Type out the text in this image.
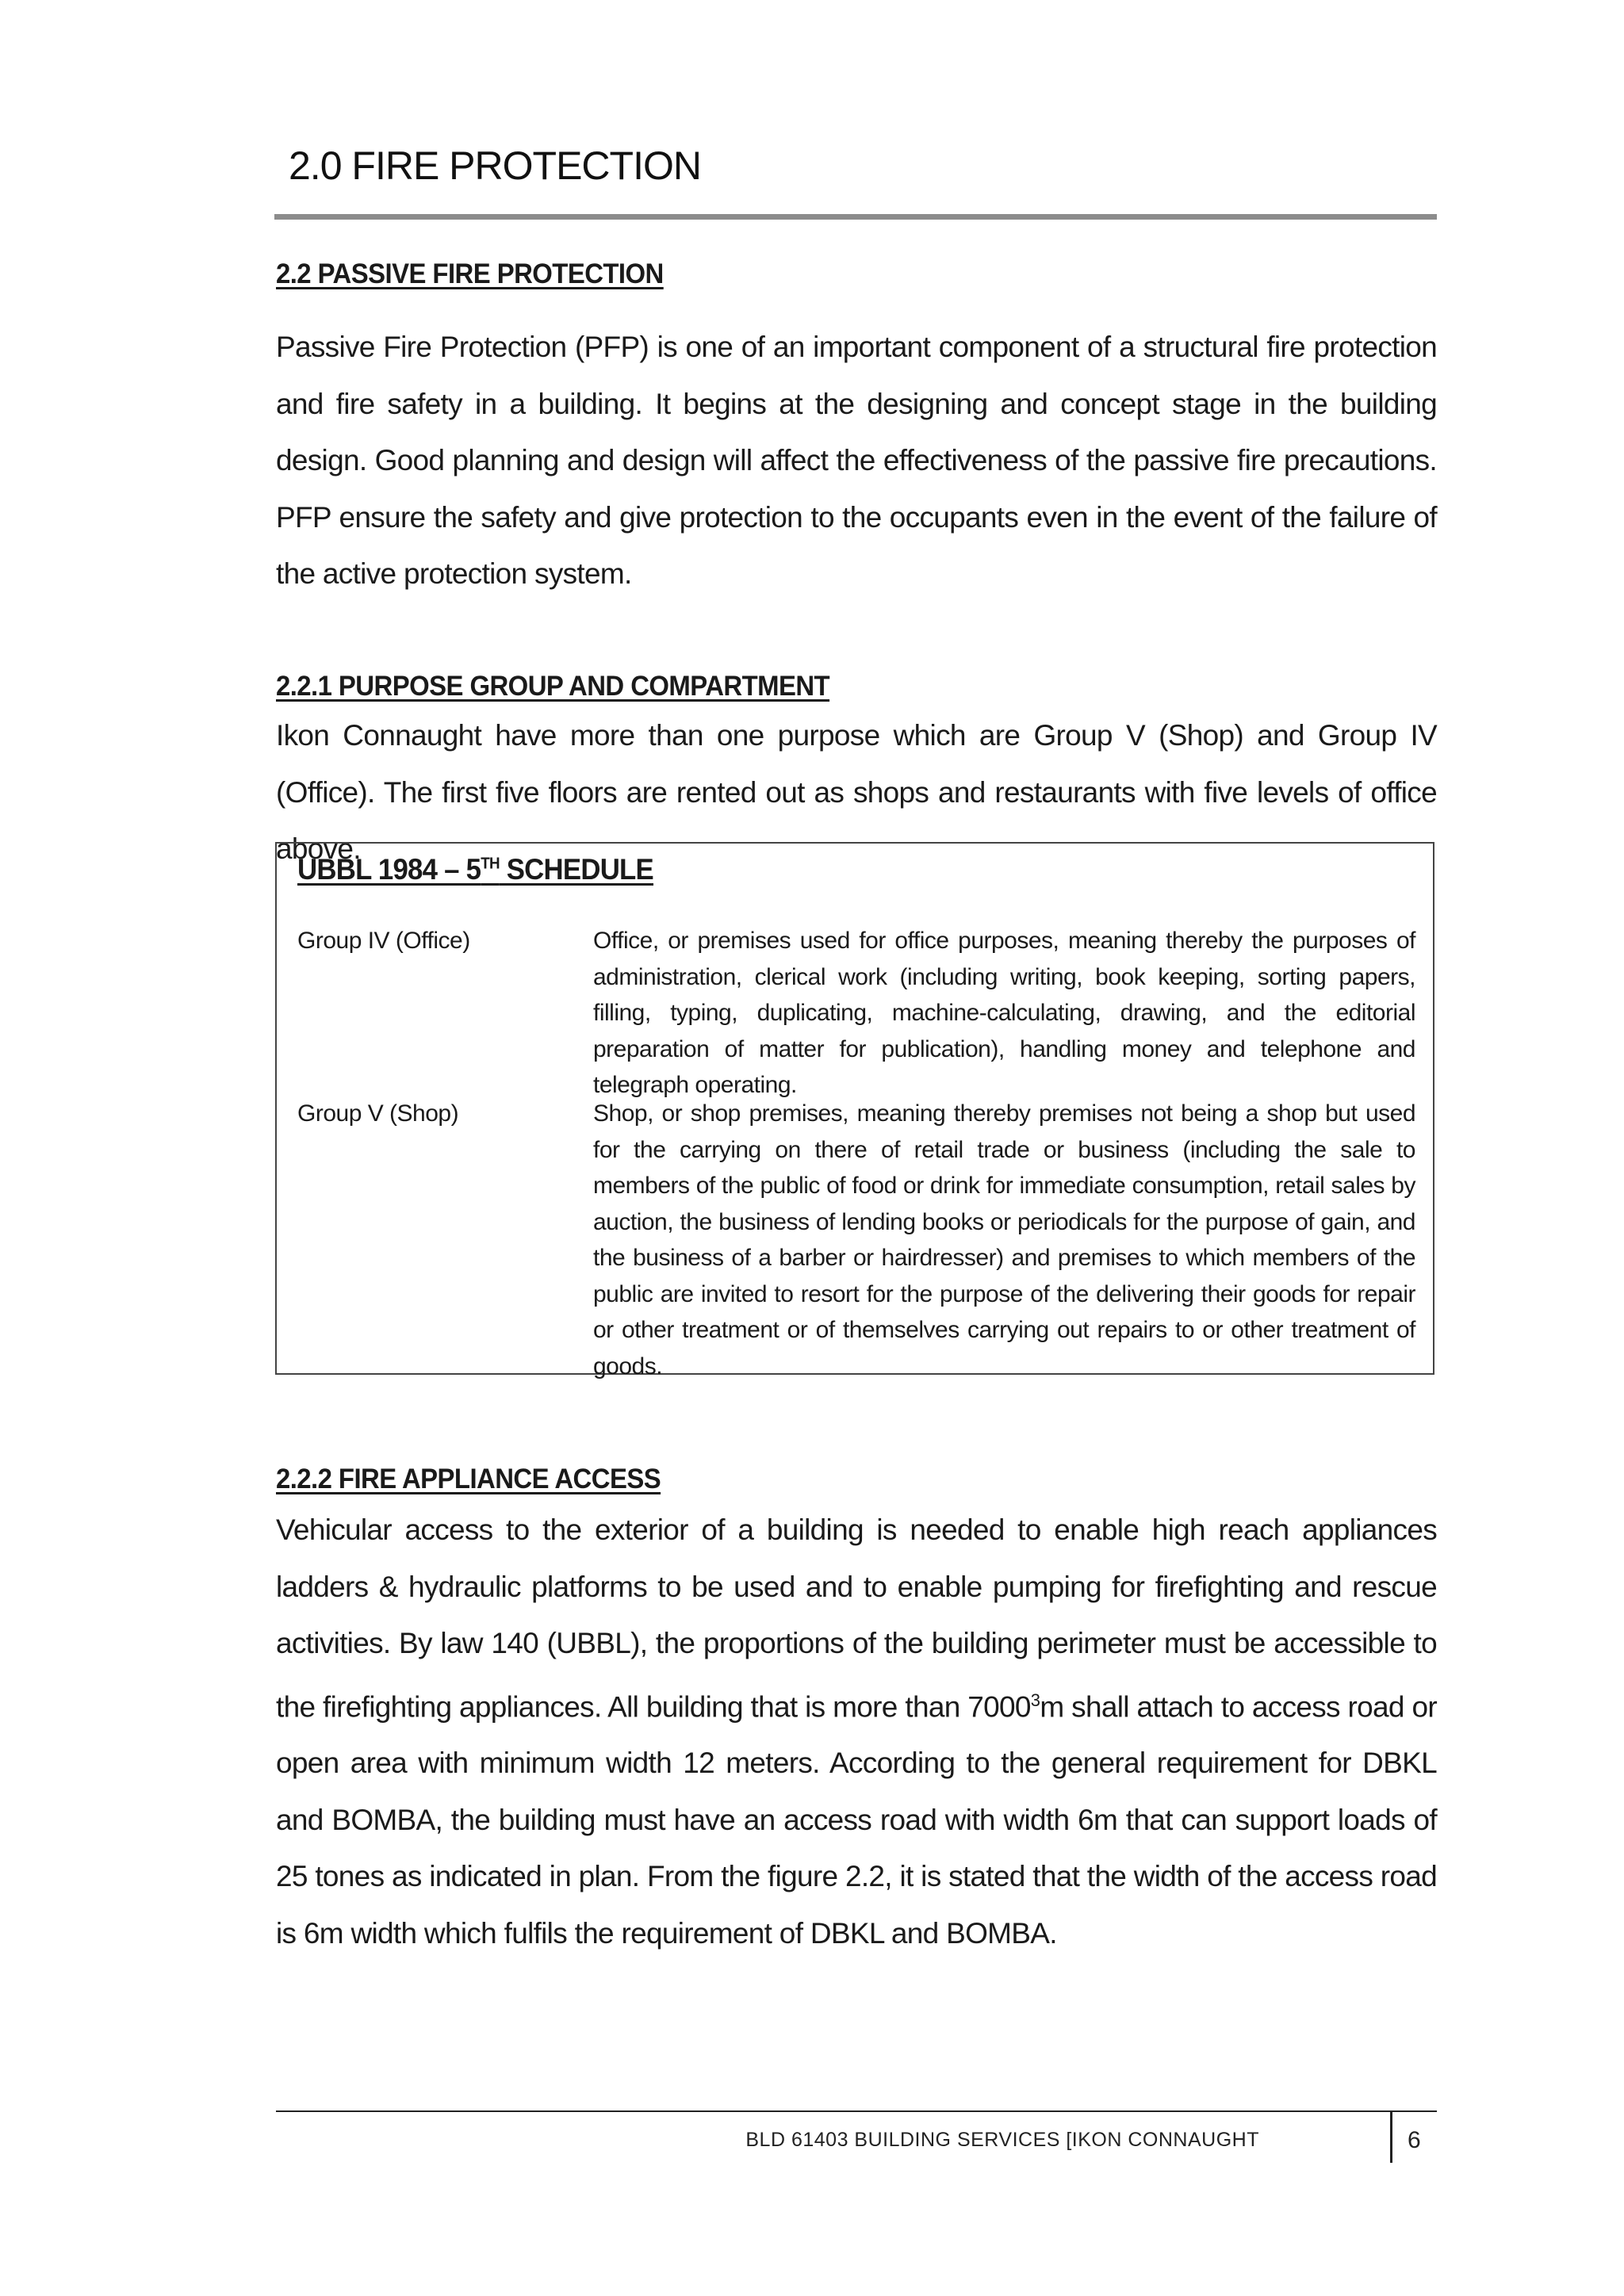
2.0 FIRE PROTECTION
2.2 PASSIVE FIRE PROTECTION

Passive Fire Protection (PFP) is one of an important component of a structural fire protection and fire safety in a building. It begins at the designing and concept stage in the building design. Good planning and design will affect the effectiveness of the passive fire precautions. PFP ensure the safety and give protection to the occupants even in the event of the failure of the active protection system.

2.2.1 PURPOSE GROUP AND COMPARTMENT

Ikon Connaught have more than one purpose which are Group V (Shop) and Group IV (Office). The first five floors are rented out as shops and restaurants with five levels of office above.

UBBL 1984 – 5TH SCHEDULE
Group IV (Office)	Office, or premises used for office purposes, meaning thereby the purposes of administration, clerical work (including writing, book keeping, sorting papers, filling, typing, duplicating, machine-calculating, drawing, and the editorial preparation of matter for publication), handling money and telephone and telegraph operating.

Group V (Shop)	Shop, or shop premises, meaning thereby premises not being a shop but used for the carrying on there of retail trade or business (including the sale to members of the public of food or drink for immediate consumption, retail sales by auction, the business of lending books or periodicals for the purpose of gain, and the business of a barber or hairdresser) and premises to which members of the public are invited to resort for the purpose of the delivering their goods for repair or other treatment or of themselves carrying out repairs to or other treatment of goods.

2.2.2 FIRE APPLIANCE ACCESS

Vehicular access to the exterior of a building is needed to enable high reach appliances ladders & hydraulic platforms to be used and to enable pumping for firefighting and rescue activities. By law 140 (UBBL), the proportions of the building perimeter must be accessible to the firefighting appliances. All building that is more than 7000$^3$m shall attach to access road or open area with minimum width 12 meters. According to the general requirement for DBKL and BOMBA, the building must have an access road with width 6m that can support loads of 25 tones as indicated in plan. From the figure 2.2, it is stated that the width of the access road is 6m width which fulfils the requirement of DBKL and BOMBA.

BLD 61403 BUILDING SERVICES [IKON CONNAUGHT	6
